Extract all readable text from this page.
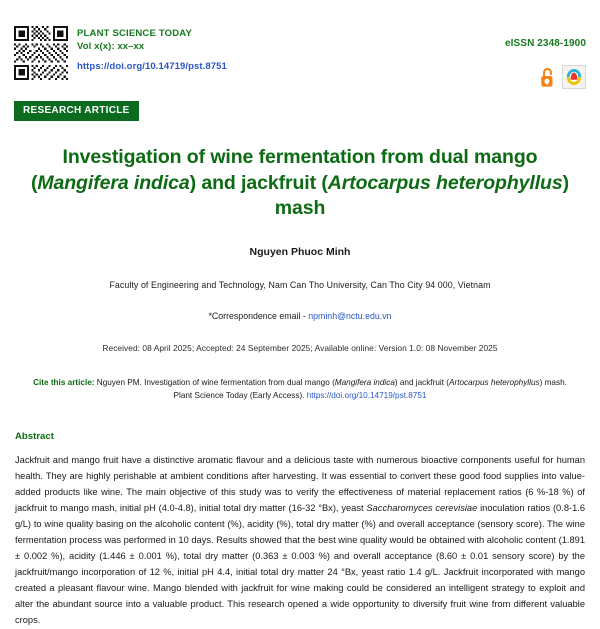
PLANT SCIENCE TODAY
Vol x(x): xx–xx
https://doi.org/10.14719/pst.8751
eISSN 2348-1900
RESEARCH ARTICLE
Investigation of wine fermentation from dual mango (Mangifera indica) and jackfruit (Artocarpus heterophyllus) mash
Nguyen Phuoc Minh
Faculty of Engineering and Technology, Nam Can Tho University, Can Tho City 94 000, Vietnam
*Correspondence email - npminh@nctu.edu.vn
Received: 08 April 2025; Accepted: 24 September 2025; Available online: Version 1.0: 08 November 2025
Cite this article: Nguyen PM. Investigation of wine fermentation from dual mango (Mangifera indica) and jackfruit (Artocarpus heterophyllus) mash. Plant Science Today (Early Access). https://doi.org/10.14719/pst.8751
Abstract
Jackfruit and mango fruit have a distinctive aromatic flavour and a delicious taste with numerous bioactive components useful for human health. They are highly perishable at ambient conditions after harvesting. It was essential to convert these good food supplies into value-added products like wine. The main objective of this study was to verify the effectiveness of material replacement ratios (6 %-18 %) of jackfruit to mango mash, initial pH (4.0-4.8), initial total dry matter (16-32 °Bx), yeast Saccharomyces cerevisiae inoculation ratios (0.8-1.6 g/L) to wine quality basing on the alcoholic content (%), acidity (%), total dry matter (%) and overall acceptance (sensory score). The wine fermentation process was performed in 10 days. Results showed that the best wine quality would be obtained with alcoholic content (1.891 ± 0.002 %), acidity (1.446 ± 0.001 %), total dry matter (0.363 ± 0.003 %) and overall acceptance (8.60 ± 0.01 sensory score) by the jackfruit/mango incorporation of 12 %, initial pH 4.4, initial total dry matter 24 °Bx, yeast ratio 1.4 g/L. Jackfruit incorporated with mango created a pleasant flavour wine. Mango blended with jackfruit for wine making could be considered an intelligent strategy to exploit and alter the abundant source into a valuable product. This research opened a wide opportunity to diversify fruit wine from different valuable crops.
